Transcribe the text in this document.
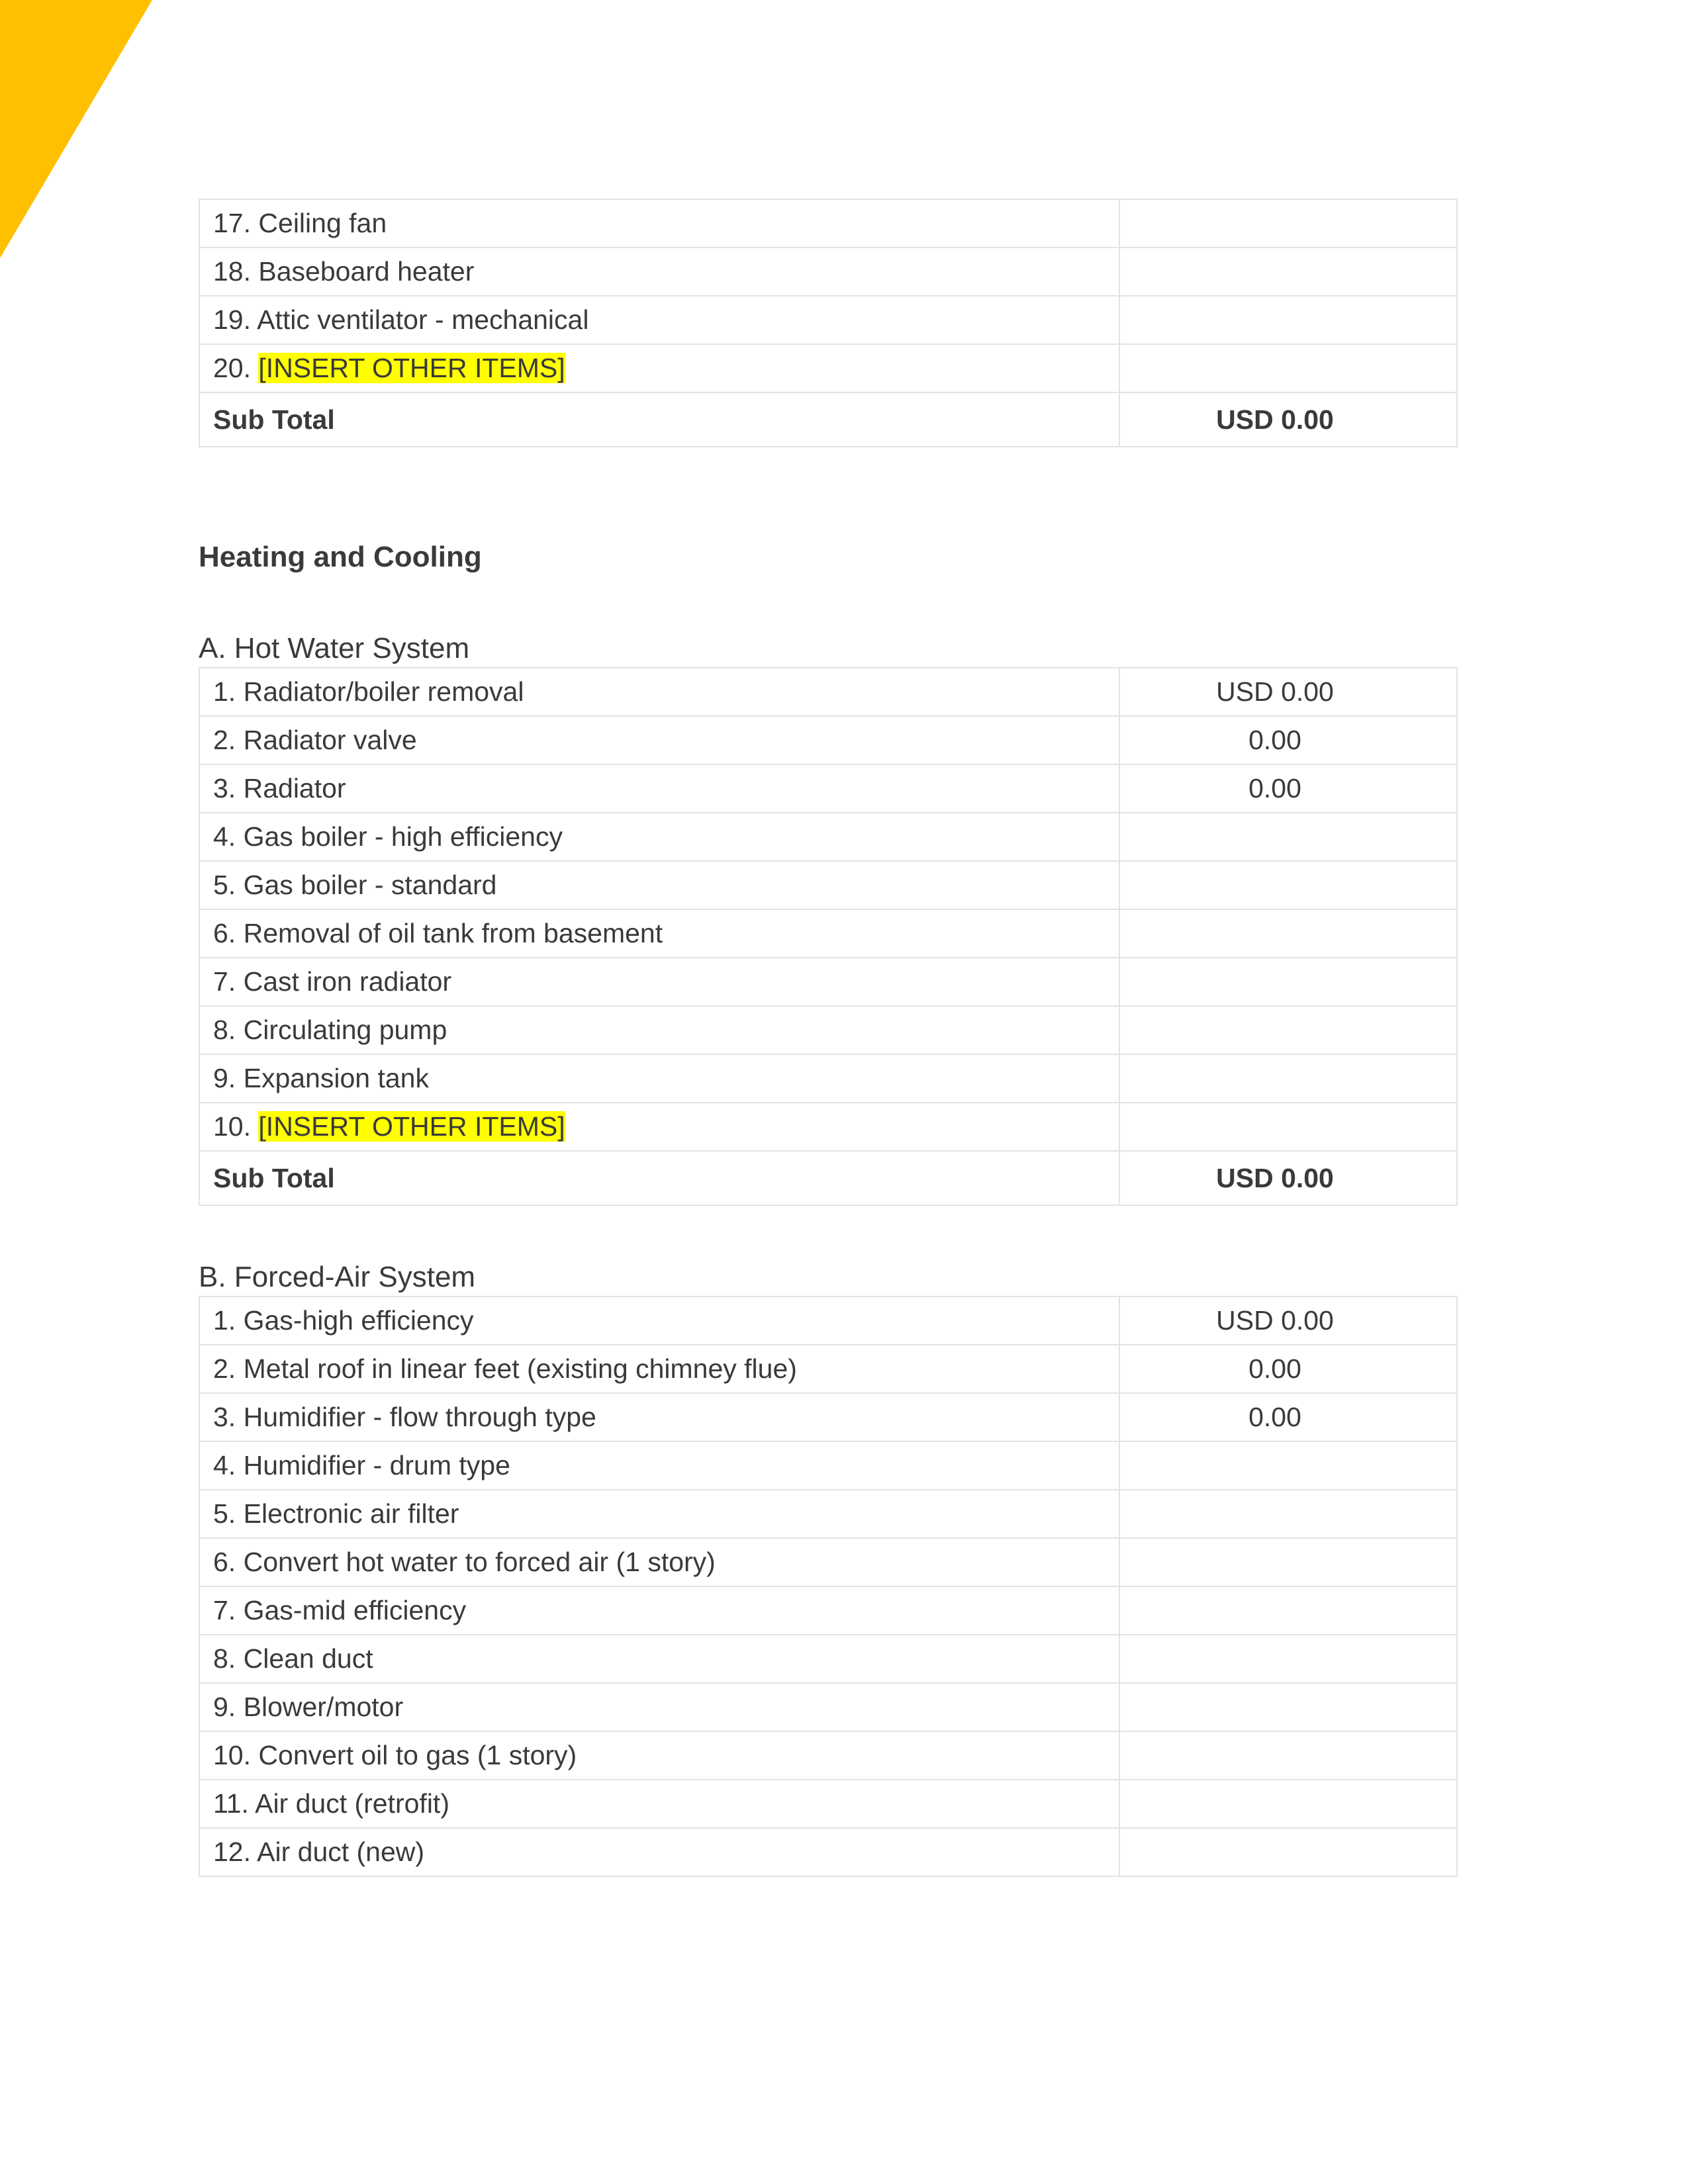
17. Ceiling fan	
18. Baseboard heater	
19. Attic ventilator - mechanical	
20. [INSERT OTHER ITEMS]	
Sub Total	USD 0.00
Heating and Cooling
A. Hot Water System
1. Radiator/boiler removal	USD 0.00
2. Radiator valve	0.00
3. Radiator	0.00
4. Gas boiler - high efficiency	
5. Gas boiler - standard	
6. Removal of oil tank from basement	
7. Cast iron radiator	
8. Circulating pump	
9. Expansion tank	
10. [INSERT OTHER ITEMS]	
Sub Total	USD 0.00
B. Forced-Air System
1. Gas-high efficiency	USD 0.00
2. Metal roof in linear feet (existing chimney flue)	0.00
3. Humidifier - flow through type	0.00
4. Humidifier - drum type	
5. Electronic air filter	
6. Convert hot water to forced air (1 story)	
7. Gas-mid efficiency	
8. Clean duct	
9. Blower/motor	
10. Convert oil to gas (1 story)	
11. Air duct (retrofit)	
12. Air duct (new)	
